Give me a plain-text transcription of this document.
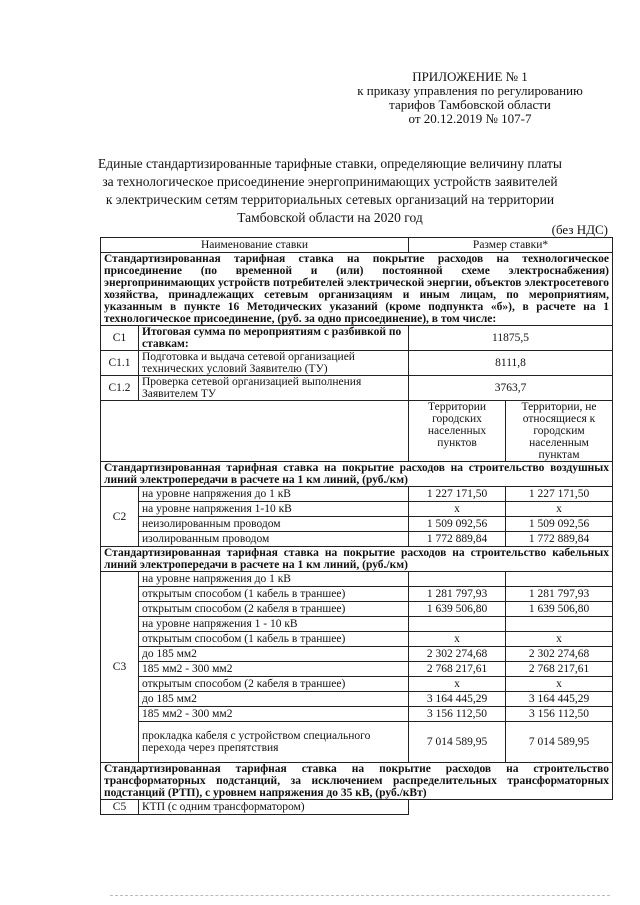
ПРИЛОЖЕНИЕ № 1
к приказу управления по регулированию
тарифов Тамбовской области
от 20.12.2019 № 107-7
Единые стандартизированные тарифные ставки, определяющие величину платы
за технологическое присоединение энергопринимающих устройств заявителей
к электрическим сетям территориальных сетевых организаций на территории
Тамбовской области на 2020 год
(без НДС)
Наименование ставки		Размер ставки*	
Стандартизированная тарифная ставка на покрытие расходов на технологическое присоединение (по временной и (или) постоянной схеме электроснабжения) энергопринимающих устройств потребителей электрической энергии, объектов электросетевого хозяйства, принадлежащих сетевым организациям и иным лицам, по мероприятиям, указанным в пункте 16 Методических указаний (кроме подпункта «б»), в расчете на 1 технологическое присоединение, (руб. за одно присоединение), в том числе:			
C1	Итоговая сумма по мероприятиям с разбивкой по ставкам:	11875,5	
C1.1	Подготовка и выдача сетевой организацией технических условий Заявителю (ТУ)	8111,8	
C1.2	Проверка сетевой организацией выполнения Заявителем ТУ	3763,7	
		Территории городских населенных пунктов	Территории, не относящиеся к городским населенным пунктам
Стандартизированная тарифная ставка на покрытие расходов на строительство воздушных линий электропередачи в расчете на 1 км линий, (руб./км)			
C2	на уровне напряжения до 1 кВ	1 227 171,50	1 227 171,50
	на уровне напряжения 1-10 кВ	x	x
	неизолированным проводом	1 509 092,56	1 509 092,56
	изолированным проводом	1 772 889,84	1 772 889,84
Стандартизированная тарифная ставка на покрытие расходов на строительство кабельных линий электропередачи в расчете на 1 км линий, (руб./км)			
C3	на уровне напряжения до 1 кВ		
	открытым способом (1 кабель в траншее)	1 281 797,93	1 281 797,93
	открытым способом (2 кабеля в траншее)	1 639 506,80	1 639 506,80
	на уровне напряжения 1 - 10 кВ		
	открытым способом (1 кабель в траншее)	x	x
	до 185 мм2	2 302 274,68	2 302 274,68
	185 мм2 - 300 мм2	2 768 217,61	2 768 217,61
	открытым способом (2 кабеля в траншее)	x	x
	до 185 мм2	3 164 445,29	3 164 445,29
	185 мм2 - 300 мм2	3 156 112,50	3 156 112,50
	прокладка кабеля с устройством специального перехода через препятствия	7 014 589,95	7 014 589,95
Стандартизированная тарифная ставка на покрытие расходов на строительство трансформаторных подстанций, за исключением распределительных трансформаторных подстанций (РТП), с уровнем напряжения до 35 кВ, (руб./кВт)			
C5	КТП (с одним трансформатором)		
